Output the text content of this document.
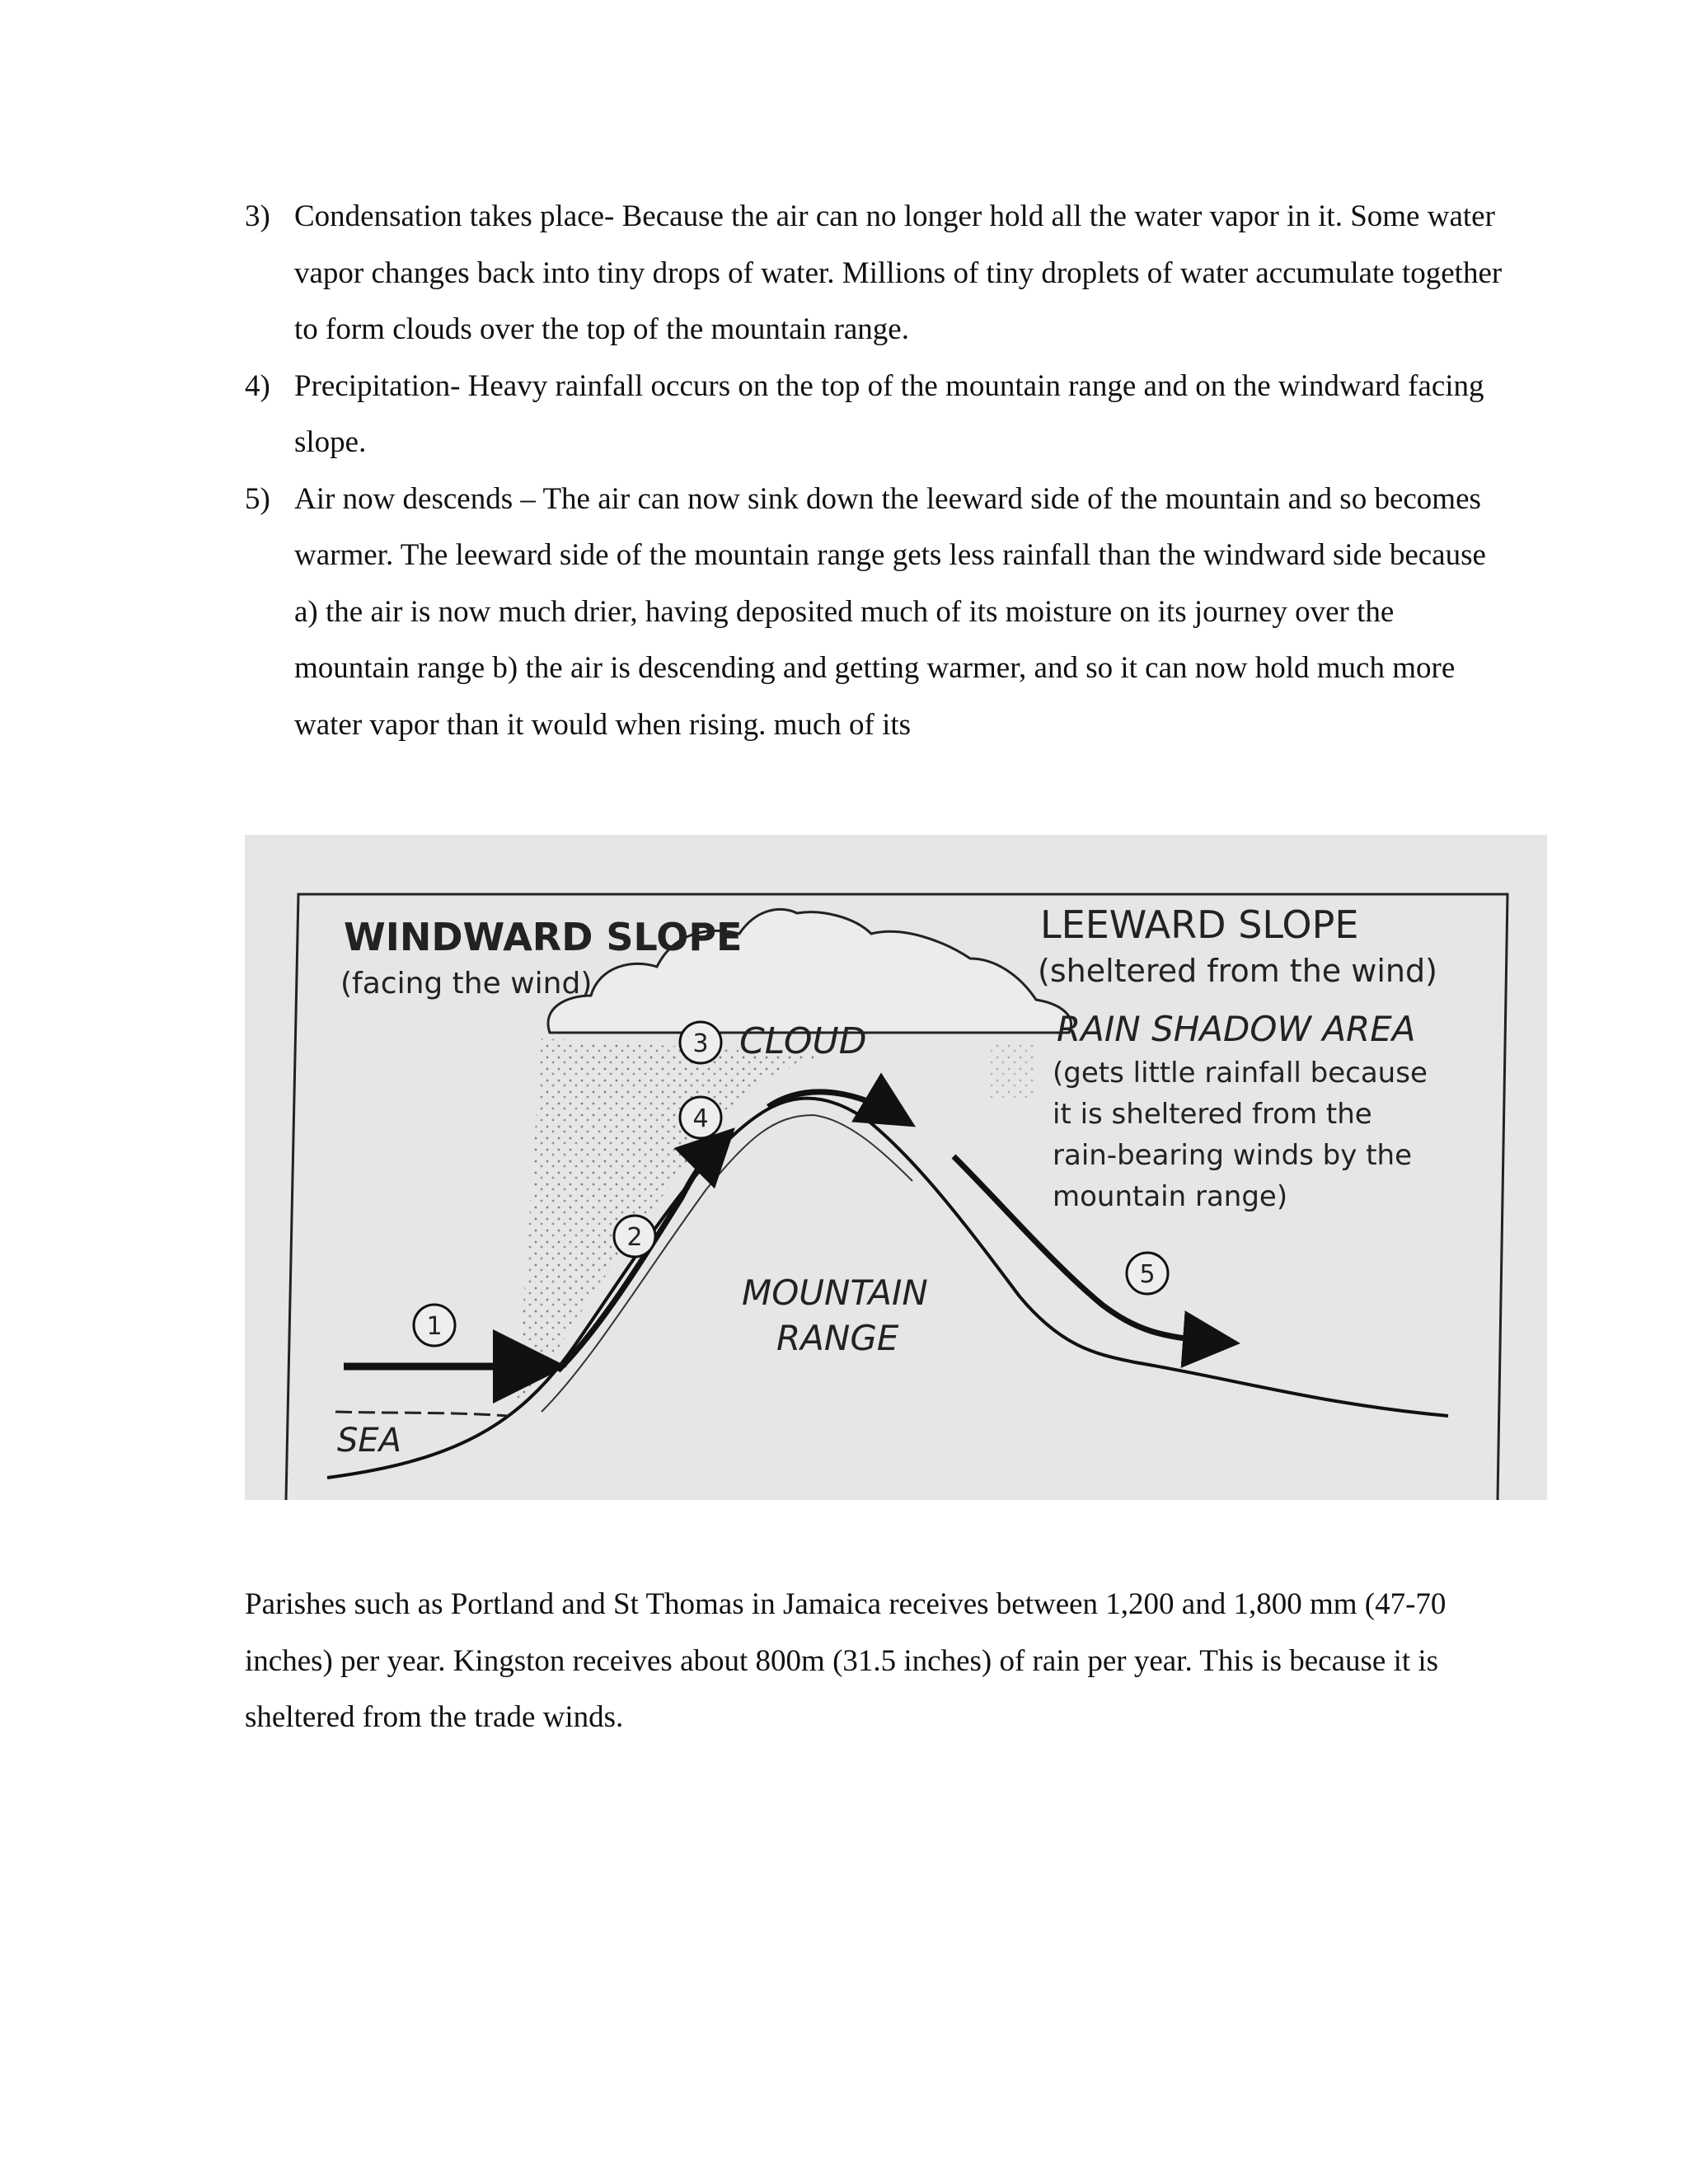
3) Condensation takes place- Because the air can no longer hold all the water vapor in it. Some water vapor changes back into tiny drops of water. Millions of tiny droplets of water accumulate together to form clouds over the top of the mountain range.
4) Precipitation- Heavy rainfall occurs on the top of the mountain range and on the windward facing slope.
5) Air now descends – The air can now sink down the leeward side of the mountain and so becomes warmer. The leeward side of the mountain range gets less rainfall than the windward side because a) the air is now much drier, having deposited much of its moisture on its journey over the mountain range b) the air is descending and getting warmer, and so it can now hold much more water vapor than it would when rising. much of its
1
2
3
4
5
WINDWARD SLOPE
(facing the wind)
LEEWARD SLOPE
(sheltered from the wind)
RAIN SHADOW AREA
(gets little rainfall because
it is sheltered from the
rain-bearing winds by the
mountain range)
CLOUD
MOUNTAIN
RANGE
SEA

Parishes such as Portland and St Thomas in Jamaica receives between 1,200 and 1,800 mm (47-70 inches) per year. Kingston receives about 800m (31.5 inches) of rain per year. This is because it is sheltered from the trade winds.
